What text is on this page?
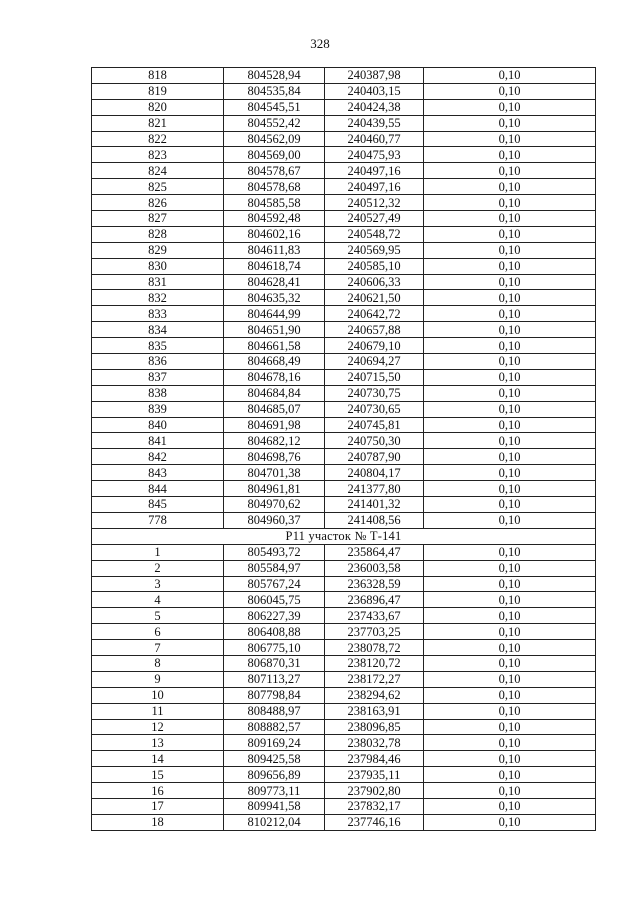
328
818	804528,94	240387,98	0,10
819	804535,84	240403,15	0,10
820	804545,51	240424,38	0,10
821	804552,42	240439,55	0,10
822	804562,09	240460,77	0,10
823	804569,00	240475,93	0,10
824	804578,67	240497,16	0,10
825	804578,68	240497,16	0,10
826	804585,58	240512,32	0,10
827	804592,48	240527,49	0,10
828	804602,16	240548,72	0,10
829	804611,83	240569,95	0,10
830	804618,74	240585,10	0,10
831	804628,41	240606,33	0,10
832	804635,32	240621,50	0,10
833	804644,99	240642,72	0,10
834	804651,90	240657,88	0,10
835	804661,58	240679,10	0,10
836	804668,49	240694,27	0,10
837	804678,16	240715,50	0,10
838	804684,84	240730,75	0,10
839	804685,07	240730,65	0,10
840	804691,98	240745,81	0,10
841	804682,12	240750,30	0,10
842	804698,76	240787,90	0,10
843	804701,38	240804,17	0,10
844	804961,81	241377,80	0,10
845	804970,62	241401,32	0,10
778	804960,37	241408,56	0,10
Р11 участок № Т-141			
1	805493,72	235864,47	0,10
2	805584,97	236003,58	0,10
3	805767,24	236328,59	0,10
4	806045,75	236896,47	0,10
5	806227,39	237433,67	0,10
6	806408,88	237703,25	0,10
7	806775,10	238078,72	0,10
8	806870,31	238120,72	0,10
9	807113,27	238172,27	0,10
10	807798,84	238294,62	0,10
11	808488,97	238163,91	0,10
12	808882,57	238096,85	0,10
13	809169,24	238032,78	0,10
14	809425,58	237984,46	0,10
15	809656,89	237935,11	0,10
16	809773,11	237902,80	0,10
17	809941,58	237832,17	0,10
18	810212,04	237746,16	0,10
